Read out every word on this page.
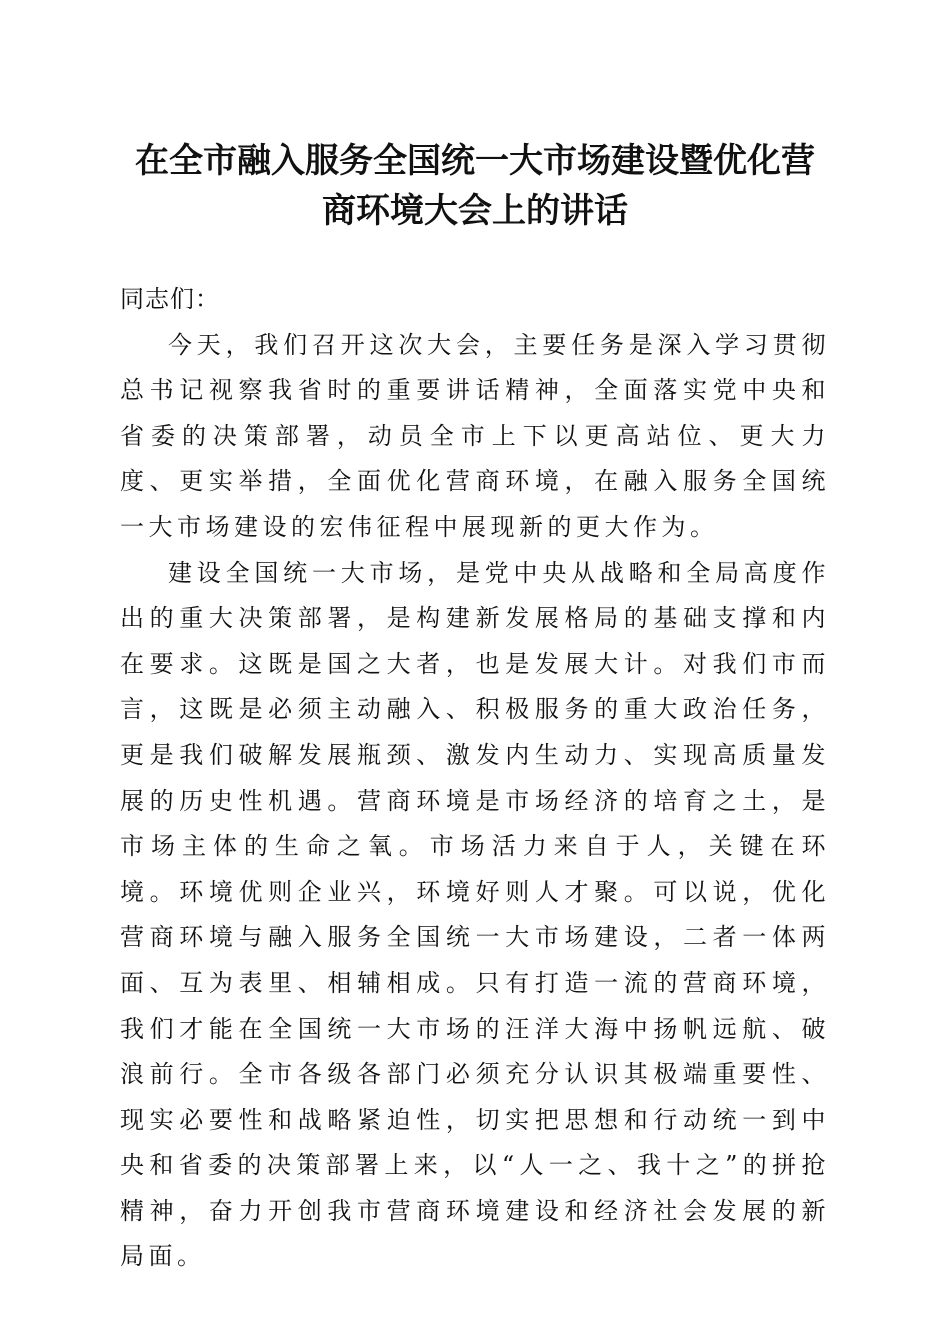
在全市融入服务全国统一大市场建设暨优化营
商环境大会上的讲话

同志们：

今天，我们召开这次大会，主要任务是深入学习贯彻总书记视察我省时的重要讲话精神，全面落实党中央和省委的决策部署，动员全市上下以更高站位、更大力度、更实举措，全面优化营商环境，在融入服务全国统一大市场建设的宏伟征程中展现新的更大作为。

建设全国统一大市场，是党中央从战略和全局高度作出的重大决策部署，是构建新发展格局的基础支撑和内在要求。这既是国之大者，也是发展大计。对我们市而言，这既是必须主动融入、积极服务的重大政治任务，更是我们破解发展瓶颈、激发内生动力、实现高质量发展的历史性机遇。营商环境是市场经济的培育之土，是市场主体的生命之氧。市场活力来自于人，关键在环境。环境优则企业兴，环境好则人才聚。可以说，优化营商环境与融入服务全国统一大市场建设，二者一体两面、互为表里、相辅相成。只有打造一流的营商环境，我们才能在全国统一大市场的汪洋大海中扬帆远航、破浪前行。全市各级各部门必须充分认识其极端重要性、现实必要性和战略紧迫性，切实把思想和行动统一到中央和省委的决策部署上来，以“人一之、我十之”的拼抢精神，奋力开创我市营商环境建设和经济社会发展的新局面。
